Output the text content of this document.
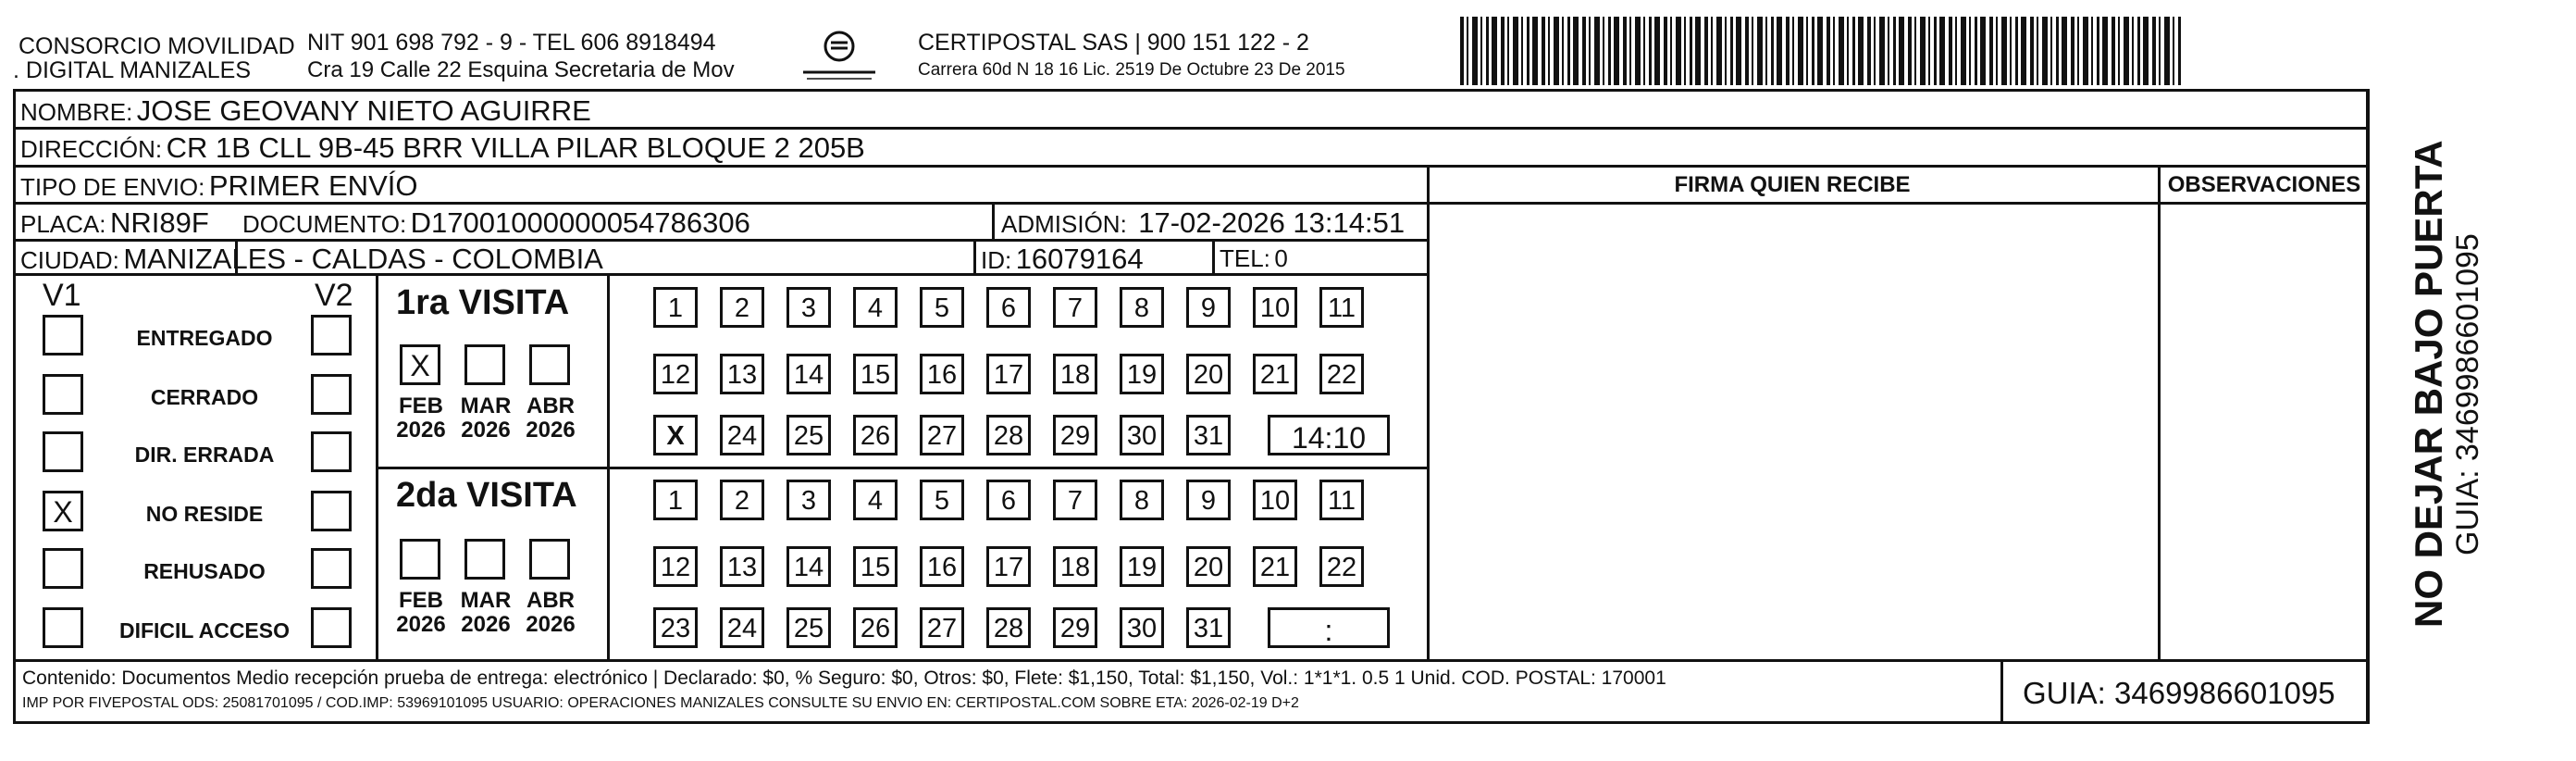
CONSORCIO MOVILIDAD
. DIGITAL MANIZALES
NIT 901 698 792 - 9 - TEL 606 8918494
Cra 19 Calle 22 Esquina Secretaria de Mov
CERTIPOSTAL SAS | 900 151 122 - 2
Carrera 60d N 18 16 Lic. 2519 De Octubre 23 De 2015
NOMBRE: JOSE GEOVANY NIETO AGUIRRE
DIRECCIÓN: CR 1B CLL 9B-45 BRR VILLA PILAR BLOQUE 2 205B
TIPO DE ENVIO: PRIMER ENVÍO
PLACA: NRI89F DOCUMENTO: D17001000000054786306	ADMISIÓN: 17-02-2026 13:14:51
CIUDAD: MANIZALES - CALDAS - COLOMBIA	ID: 16079164	TEL: 0
FIRMA QUIEN RECIBE	OBSERVACIONES
V1	V2
ENTREGADO
CERRADO
DIR. ERRADA
X	NO RESIDE
REHUSADO
DIFICIL ACCESO
1ra VISITA
X
FEB
2026
MAR
2026
ABR
2026
1	2	3	4	5	6	7	8	9	10	11
12 13 14 15 16 17 18 19 20 21 22
X	24 25 26 27 28 29 30 31	14:10
2da VISITA
FEB
2026
MAR
2026
ABR
2026
1	2	3	4	5	6	7	8	9	10	11
12 13 14 15 16 17 18 19 20 21 22
23 24 25 26 27 28 29 30 31	:
Contenido: Documentos Medio recepción prueba de entrega: electrónico | Declarado: $0, % Seguro: $0, Otros: $0, Flete: $1,150, Total: $1,150, Vol.: 1*1*1. 0.5 1 Unid. COD. POSTAL: 170001
IMP POR FIVEPOSTAL ODS: 25081701095 / COD.IMP: 53969101095 USUARIO: OPERACIONES MANIZALES CONSULTE SU ENVIO EN: CERTIPOSTAL.COM SOBRE ETA: 2026-02-19 D+2	GUIA: 3469986601095
NO DEJAR BAJO PUERTA GUIA: 3469986601095
